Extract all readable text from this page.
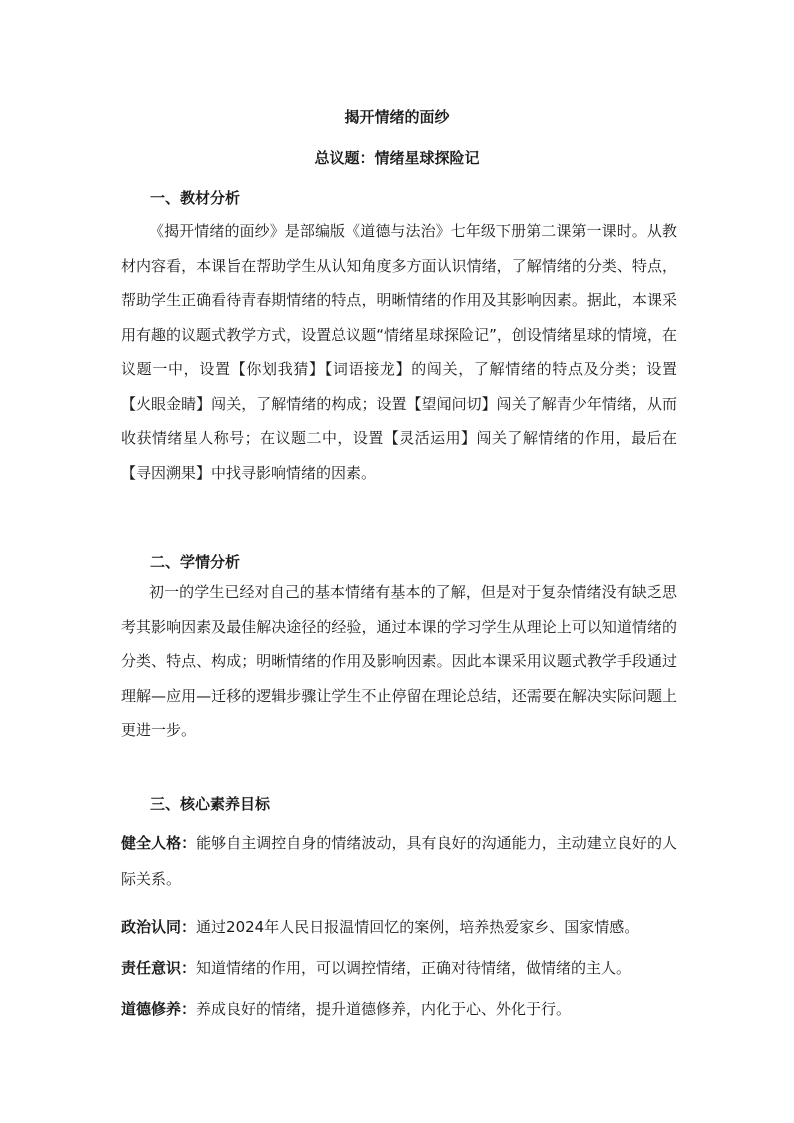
揭开情绪的面纱
总议题：情绪星球探险记
一、教材分析

《揭开情绪的面纱》是部编版《道德与法治》七年级下册第二课第一课时。从教材内容看，本课旨在帮助学生从认知角度多方面认识情绪，了解情绪的分类、特点，帮助学生正确看待青春期情绪的特点，明晰情绪的作用及其影响因素。据此，本课采用有趣的议题式教学方式，设置总议题“情绪星球探险记”，创设情绪星球的情境，在议题一中，设置【你划我猜】【词语接龙】的闯关，了解情绪的特点及分类；设置【火眼金睛】闯关，了解情绪的构成；设置【望闻问切】闯关了解青少年情绪，从而收获情绪星人称号；在议题二中，设置【灵活运用】闯关了解情绪的作用，最后在【寻因溯果】中找寻影响情绪的因素。

二、学情分析

初一的学生已经对自己的基本情绪有基本的了解，但是对于复杂情绪没有缺乏思考其影响因素及最佳解决途径的经验，通过本课的学习学生从理论上可以知道情绪的分类、特点、构成；明晰情绪的作用及影响因素。因此本课采用议题式教学手段通过理解—应用—迁移的逻辑步骤让学生不止停留在理论总结，还需要在解决实际问题上更进一步。

三、核心素养目标

健全人格：能够自主调控自身的情绪波动，具有良好的沟通能力，主动建立良好的人际关系。

政治认同：通过2024年人民日报温情回忆的案例，培养热爱家乡、国家情感。

责任意识：知道情绪的作用，可以调控情绪，正确对待情绪，做情绪的主人。

道德修养：养成良好的情绪，提升道德修养，内化于心、外化于行。
